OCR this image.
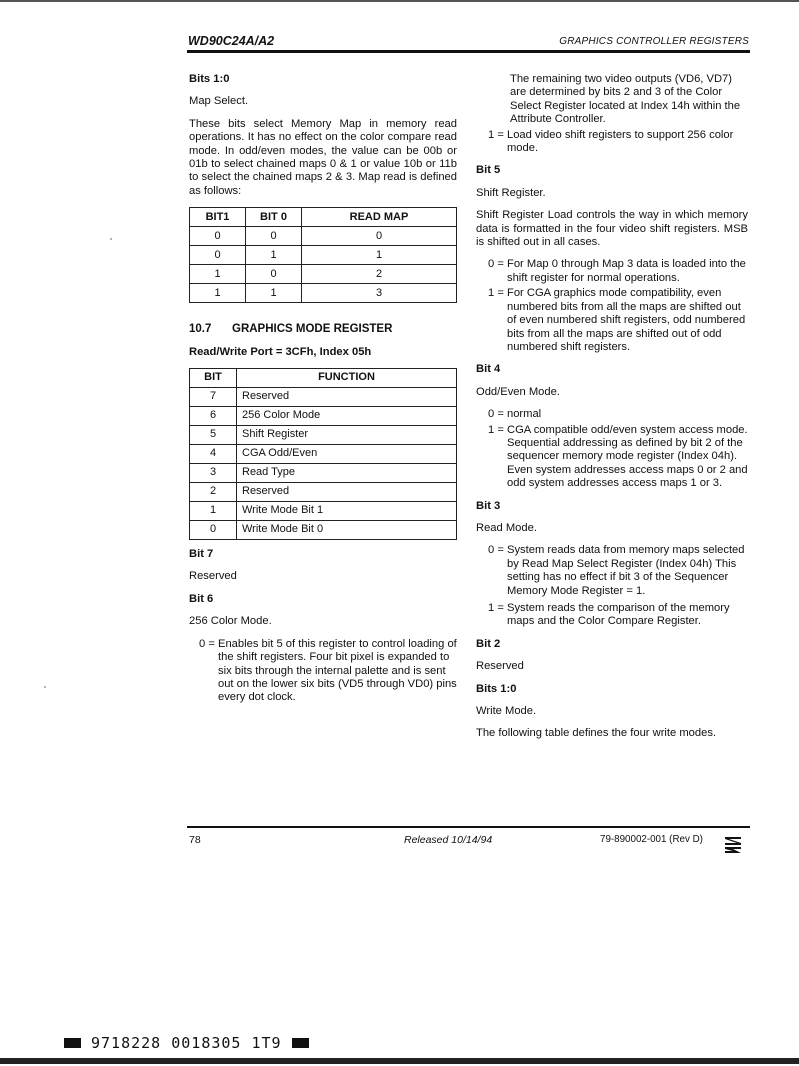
WD90C24A/A2	GRAPHICS CONTROLLER REGISTERS
Bits 1:0
Map Select.
These bits select Memory Map in memory read operations. It has no effect on the color compare read mode. In odd/even modes, the value can be 00b or 01b to select chained maps 0 & 1 or value 10b or 11b to select the chained maps 2 & 3. Map read is defined as follows:
BIT1	BIT 0	READ MAP
0	0	0
0	1	1
1	0	2
1	1	3
10.7 GRAPHICS MODE REGISTER
Read/Write Port = 3CFh, Index 05h
BIT	FUNCTION
7	Reserved
6	256 Color Mode
5	Shift Register
4	CGA Odd/Even
3	Read Type
2	Reserved
1	Write Mode Bit 1
0	Write Mode Bit 0
Bit 7
Reserved
Bit 6
256 Color Mode.
0 = Enables bit 5 of this register to control loading of the shift registers. Four bit pixel is expanded to six bits through the internal palette and is sent out on the lower six bits (VD5 through VD0) pins every dot clock.
The remaining two video outputs (VD6, VD7) are determined by bits 2 and 3 of the Color Select Register located at Index 14h within the Attribute Controller.
1 = Load video shift registers to support 256 color mode.
Bit 5
Shift Register.
Shift Register Load controls the way in which memory data is formatted in the four video shift registers. MSB is shifted out in all cases.
0 = For Map 0 through Map 3 data is loaded into the shift register for normal operations.
1 = For CGA graphics mode compatibility, even numbered bits from all the maps are shifted out of even numbered shift registers, odd numbered bits from all the maps are shifted out of odd numbered shift registers.
Bit 4
Odd/Even Mode.
0 = normal
1 = CGA compatible odd/even system access mode. Sequential addressing as defined by bit 2 of the sequencer memory mode register (Index 04h). Even system addresses access maps 0 or 2 and odd system addresses access maps 1 or 3.
Bit 3
Read Mode.
0 = System reads data from memory maps selected by Read Map Select Register (Index 04h) This setting has no effect if bit 3 of the Sequencer Memory Mode Register = 1.
1 = System reads the comparison of the memory maps and the Color Compare Register.
Bit 2
Reserved
Bits 1:0
Write Mode.
The following table defines the four write modes.
78	Released 10/14/94	79-890002-001 (Rev D)
9718228 0018305 1T9
